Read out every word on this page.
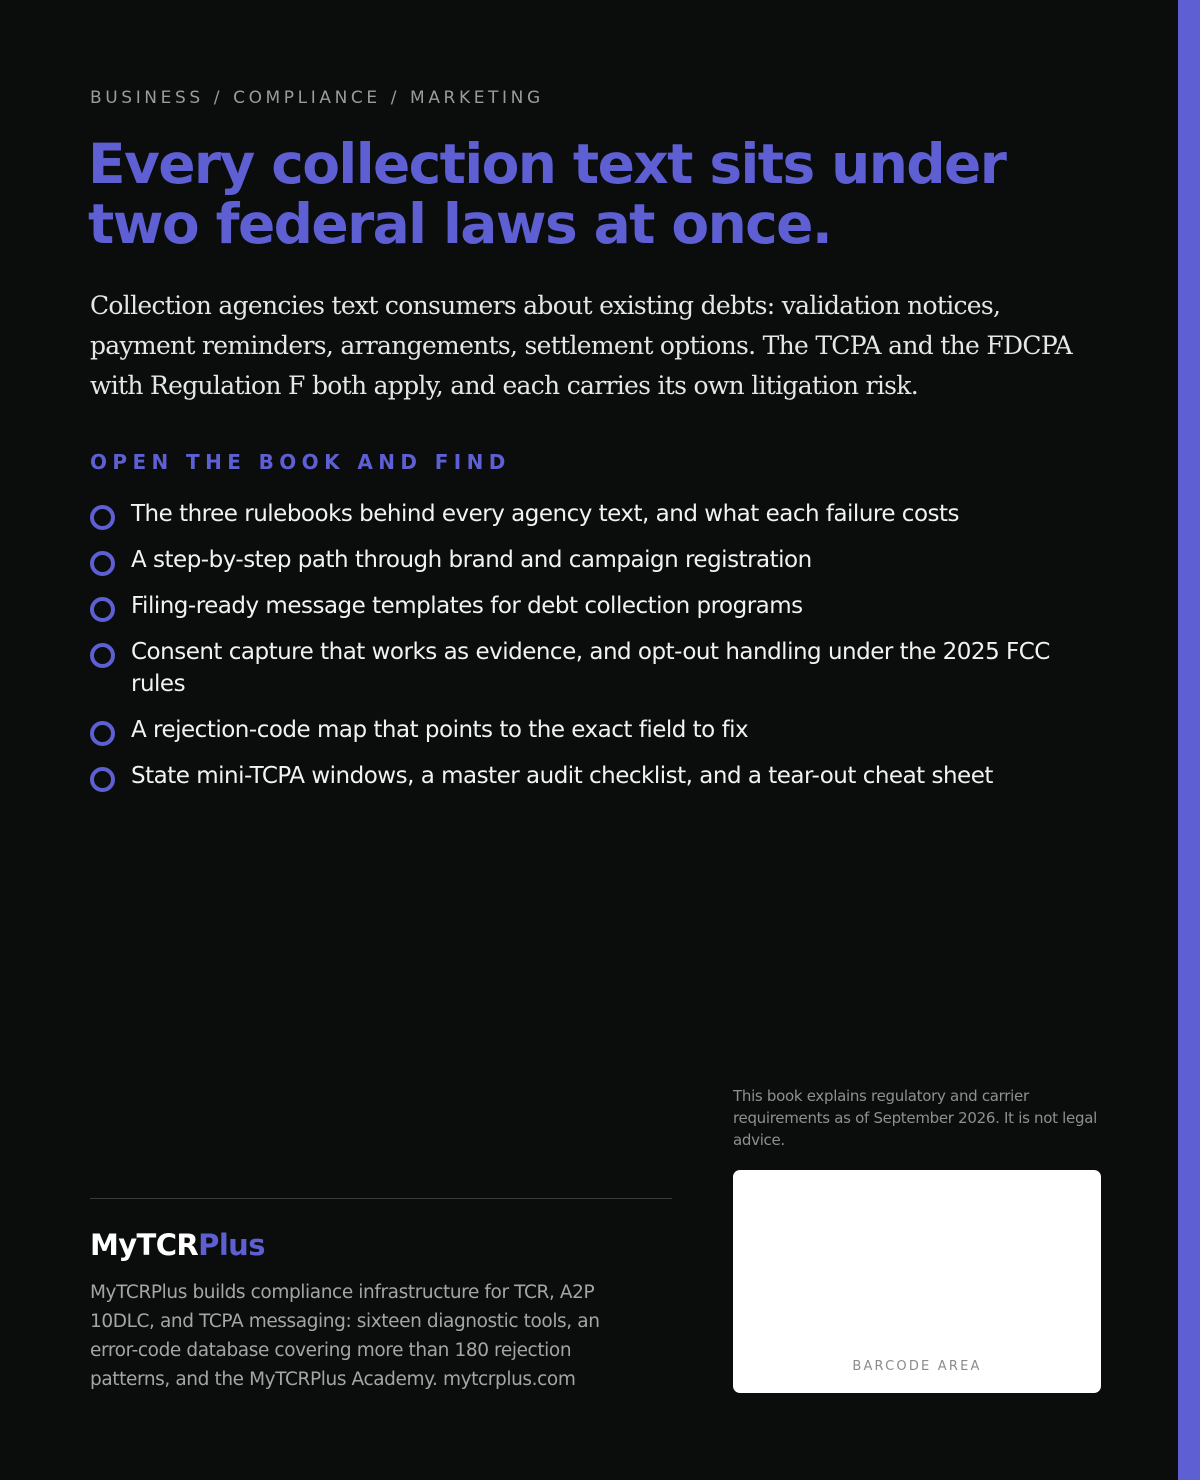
BUSINESS / COMPLIANCE / MARKETING
Every collection text sits under two federal laws at once.

Collection agencies text consumers about existing debts: validation notices, payment reminders, arrangements, settlement options. The TCPA and the FDCPA with Regulation F both apply, and each carries its own litigation risk.

OPEN THE BOOK AND FIND
The three rulebooks behind every agency text, and what each failure costs
A step-by-step path through brand and campaign registration
Filing-ready message templates for debt collection programs
Consent capture that works as evidence, and opt-out handling under the 2025 FCC rules
A rejection-code map that points to the exact field to fix
State mini-TCPA windows, a master audit checklist, and a tear-out cheat sheet

This book explains regulatory and carrier requirements as of September 2026. It is not legal advice.

MyTCRPlus

MyTCRPlus builds compliance infrastructure for TCR, A2P 10DLC, and TCPA messaging: sixteen diagnostic tools, an error-code database covering more than 180 rejection patterns, and the MyTCRPlus Academy. mytcrplus.com

BARCODE AREA
